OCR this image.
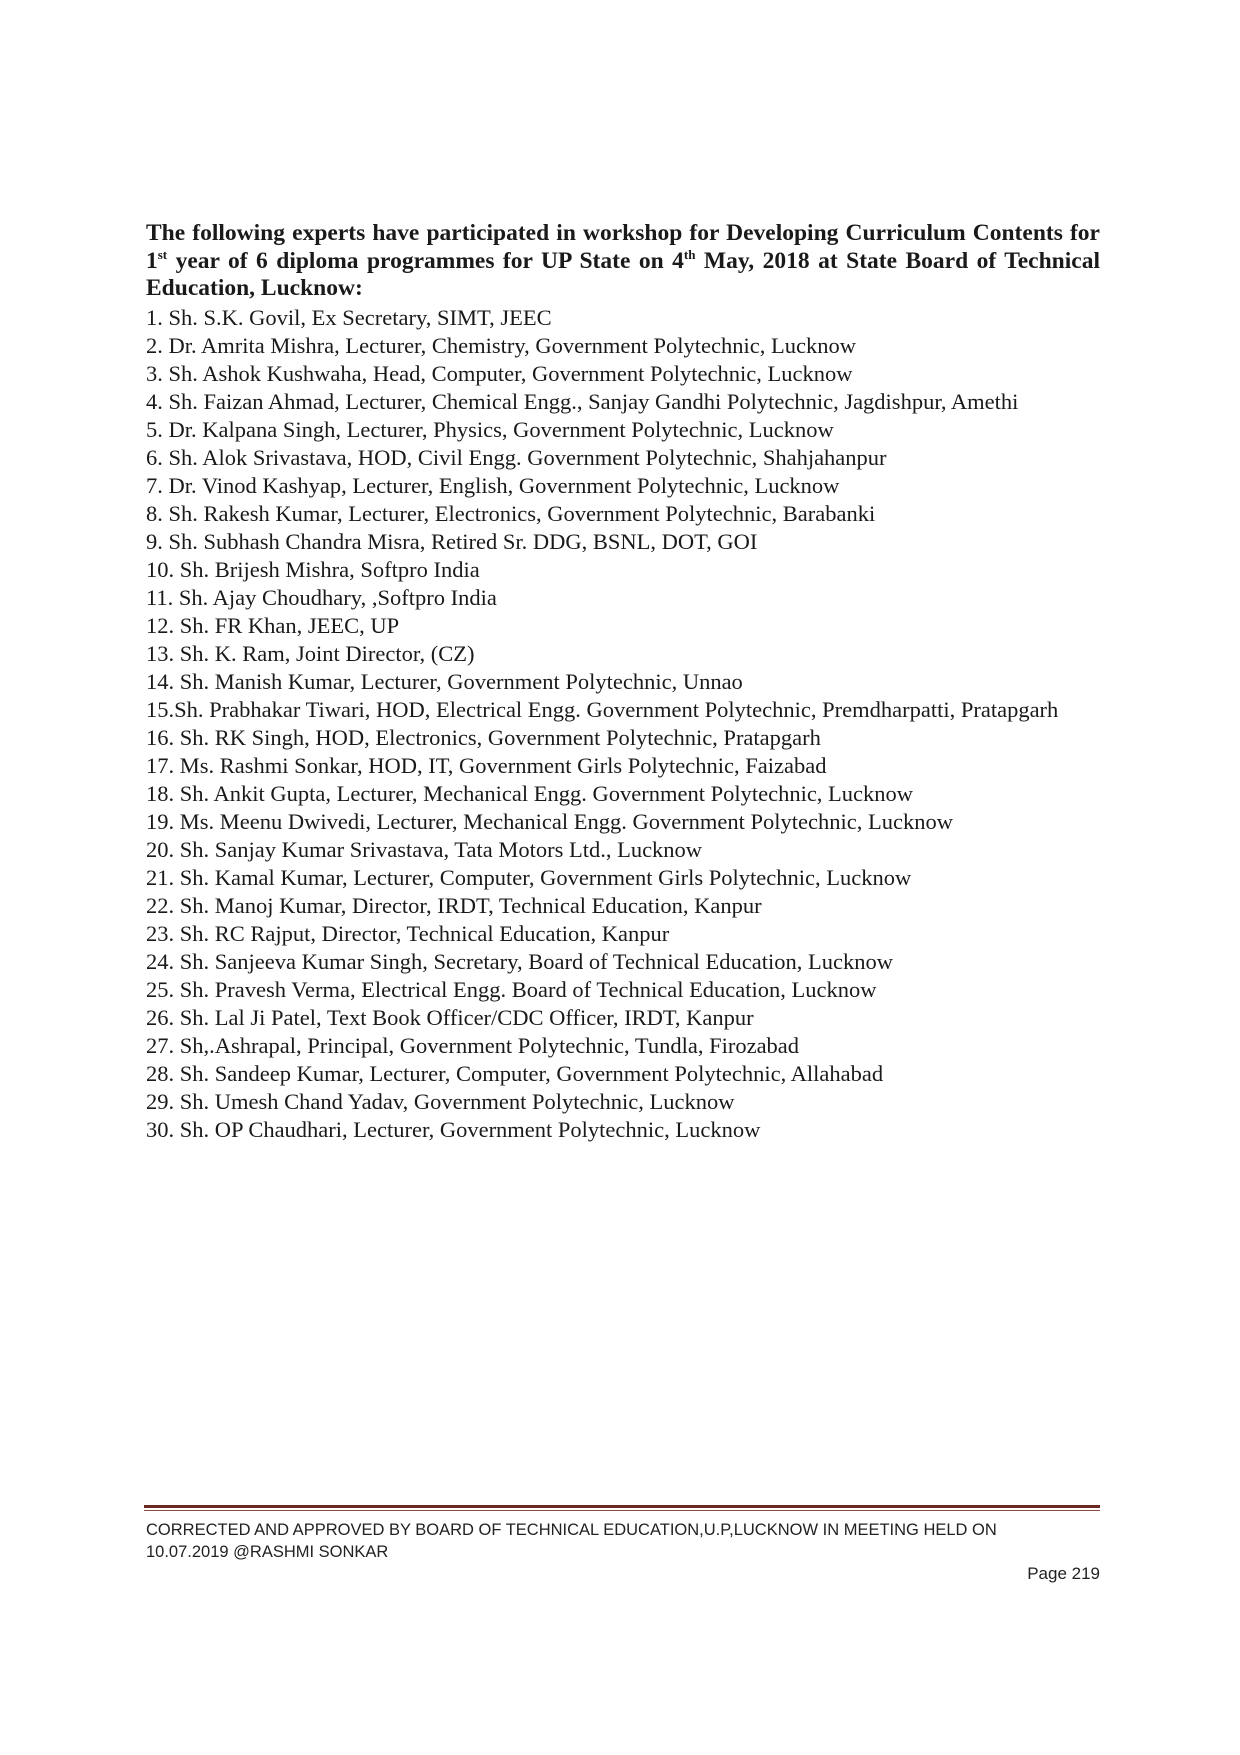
The following experts have participated in workshop for Developing Curriculum Contents for 1st year of 6 diploma programmes for UP State on 4th May, 2018 at State Board of Technical Education, Lucknow:

1. Sh. S.K. Govil, Ex Secretary, SIMT, JEEC
2. Dr. Amrita Mishra, Lecturer, Chemistry, Government Polytechnic, Lucknow
3. Sh. Ashok Kushwaha, Head, Computer, Government Polytechnic, Lucknow
4. Sh. Faizan Ahmad, Lecturer, Chemical Engg., Sanjay Gandhi Polytechnic, Jagdishpur, Amethi
5. Dr. Kalpana Singh, Lecturer, Physics, Government Polytechnic, Lucknow
6. Sh. Alok Srivastava, HOD, Civil Engg. Government Polytechnic, Shahjahanpur
7. Dr. Vinod Kashyap, Lecturer, English, Government Polytechnic, Lucknow
8. Sh. Rakesh Kumar, Lecturer, Electronics, Government Polytechnic, Barabanki
9. Sh. Subhash Chandra Misra, Retired Sr. DDG, BSNL, DOT, GOI
10. Sh. Brijesh Mishra, Softpro India
11. Sh. Ajay Choudhary, ,Softpro India
12. Sh. FR Khan, JEEC, UP
13. Sh. K. Ram, Joint Director, (CZ)
14. Sh. Manish Kumar, Lecturer, Government Polytechnic, Unnao
15.Sh. Prabhakar Tiwari, HOD, Electrical Engg. Government Polytechnic, Premdharpatti, Pratapgarh
16. Sh. RK Singh, HOD, Electronics, Government Polytechnic, Pratapgarh
17. Ms. Rashmi Sonkar, HOD, IT, Government Girls Polytechnic, Faizabad
18. Sh. Ankit Gupta, Lecturer, Mechanical Engg. Government Polytechnic, Lucknow
19. Ms. Meenu Dwivedi, Lecturer, Mechanical Engg. Government Polytechnic, Lucknow
20. Sh. Sanjay Kumar Srivastava, Tata Motors Ltd., Lucknow
21. Sh. Kamal Kumar, Lecturer, Computer, Government Girls Polytechnic, Lucknow
22. Sh. Manoj Kumar, Director, IRDT, Technical Education, Kanpur
23. Sh. RC Rajput, Director, Technical Education, Kanpur
24. Sh. Sanjeeva Kumar Singh, Secretary, Board of Technical Education, Lucknow
25. Sh. Pravesh Verma, Electrical Engg. Board of Technical Education, Lucknow
26. Sh. Lal Ji Patel, Text Book Officer/CDC Officer, IRDT, Kanpur
27. Sh,.Ashrapal, Principal, Government Polytechnic, Tundla, Firozabad
28. Sh. Sandeep Kumar, Lecturer, Computer, Government Polytechnic, Allahabad
29. Sh. Umesh Chand Yadav, Government Polytechnic, Lucknow
30. Sh. OP Chaudhari, Lecturer, Government Polytechnic, Lucknow
CORRECTED AND APPROVED BY BOARD OF TECHNICAL EDUCATION,U.P,LUCKNOW IN MEETING HELD ON
10.07.2019 @RASHMI SONKAR
Page 219
